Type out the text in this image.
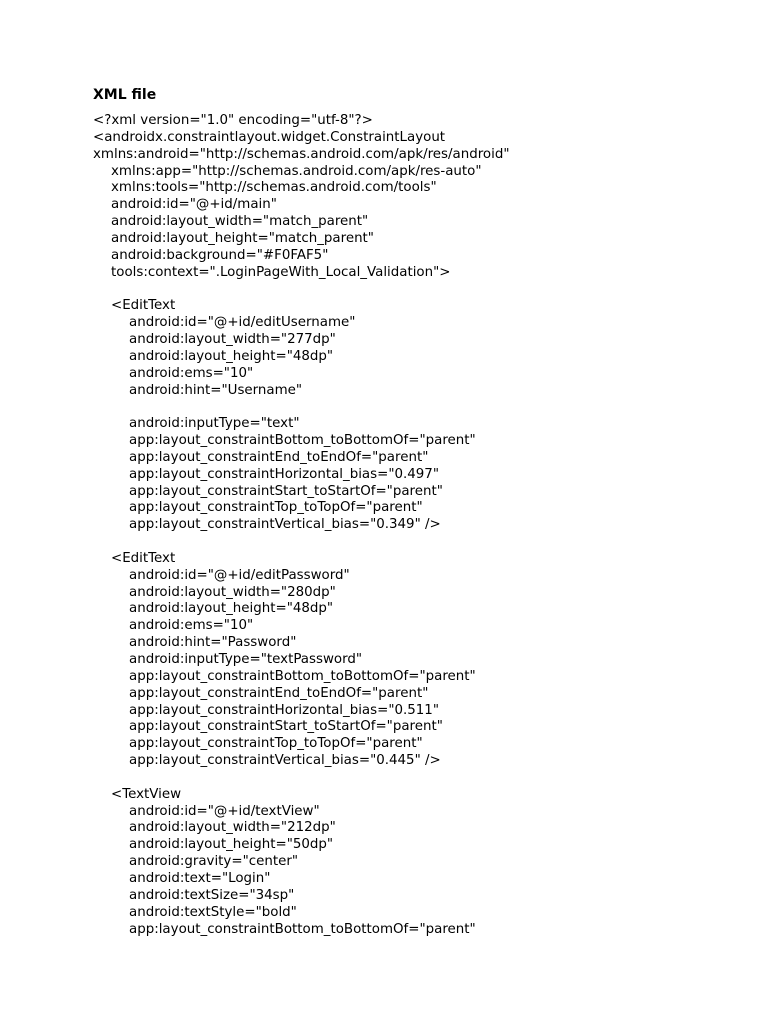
XML file
<?xml version="1.0" encoding="utf-8"?>
<androidx.constraintlayout.widget.ConstraintLayout
xmlns:android="http://schemas.android.com/apk/res/android"
xmlns:app="http://schemas.android.com/apk/res-auto"
xmlns:tools="http://schemas.android.com/tools"
android:id="@+id/main"
android:layout_width="match_parent"
android:layout_height="match_parent"
android:background="#F0FAF5"
tools:context=".LoginPageWith_Local_Validation">
<EditText
android:id="@+id/editUsername"
android:layout_width="277dp"
android:layout_height="48dp"
android:ems="10"
android:hint="Username"
android:inputType="text"
app:layout_constraintBottom_toBottomOf="parent"
app:layout_constraintEnd_toEndOf="parent"
app:layout_constraintHorizontal_bias="0.497"
app:layout_constraintStart_toStartOf="parent"
app:layout_constraintTop_toTopOf="parent"
app:layout_constraintVertical_bias="0.349" />
<EditText
android:id="@+id/editPassword"
android:layout_width="280dp"
android:layout_height="48dp"
android:ems="10"
android:hint="Password"
android:inputType="textPassword"
app:layout_constraintBottom_toBottomOf="parent"
app:layout_constraintEnd_toEndOf="parent"
app:layout_constraintHorizontal_bias="0.511"
app:layout_constraintStart_toStartOf="parent"
app:layout_constraintTop_toTopOf="parent"
app:layout_constraintVertical_bias="0.445" />
<TextView
android:id="@+id/textView"
android:layout_width="212dp"
android:layout_height="50dp"
android:gravity="center"
android:text="Login"
android:textSize="34sp"
android:textStyle="bold"
app:layout_constraintBottom_toBottomOf="parent"
